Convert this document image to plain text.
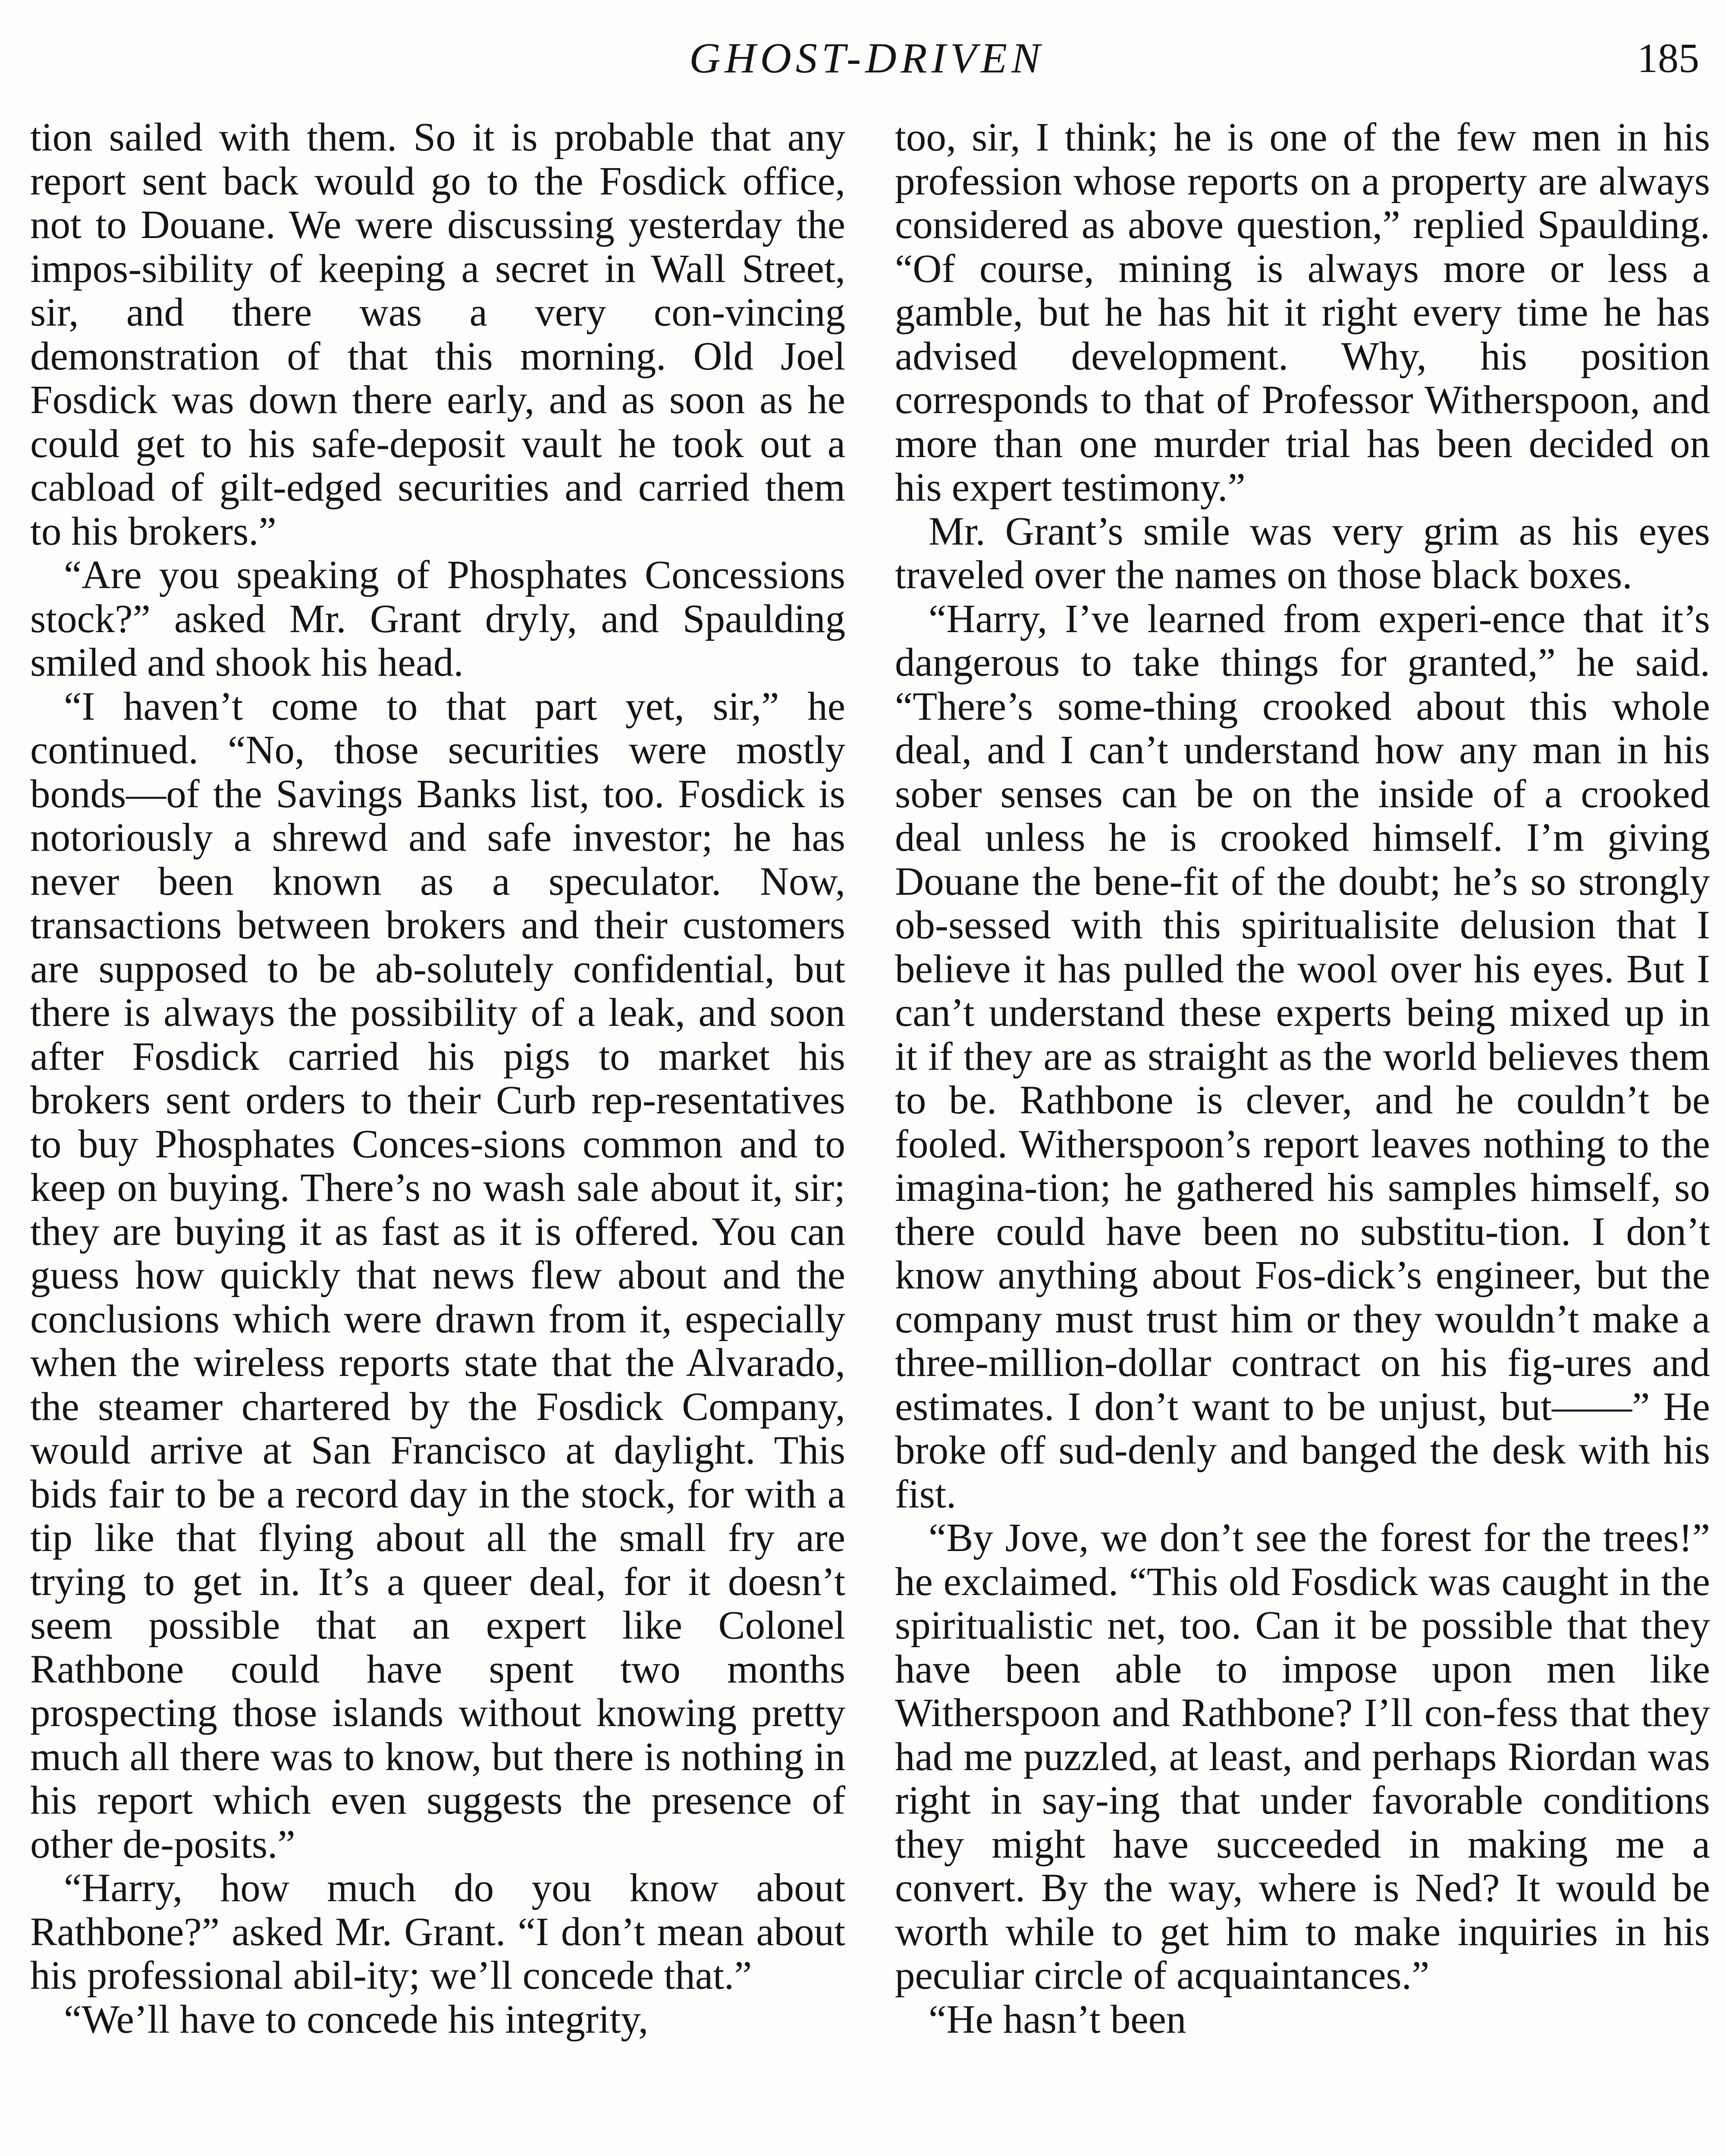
GHOST-DRIVEN	185

tion sailed with them. So it is probable that any report sent back would go to the Fosdick office, not to Douane. We were discussing yesterday the impos-sibility of keeping a secret in Wall Street, sir, and there was a very con-vincing demonstration of that this morning. Old Joel Fosdick was down there early, and as soon as he could get to his safe-deposit vault he took out a cabload of gilt-edged securities and carried them to his brokers.”

“Are you speaking of Phosphates Concessions stock?” asked Mr. Grant dryly, and Spaulding smiled and shook his head.

“I haven’t come to that part yet, sir,” he continued. “No, those securities were mostly bonds—of the Savings Banks list, too. Fosdick is notoriously a shrewd and safe investor; he has never been known as a speculator. Now, transactions between brokers and their customers are supposed to be ab-solutely confidential, but there is always the possibility of a leak, and soon after Fosdick carried his pigs to market his brokers sent orders to their Curb rep-resentatives to buy Phosphates Conces-sions common and to keep on buying. There’s no wash sale about it, sir; they are buying it as fast as it is offered. You can guess how quickly that news flew about and the conclusions which were drawn from it, especially when the wireless reports state that the Alvarado, the steamer chartered by the Fosdick Company, would arrive at San Francisco at daylight. This bids fair to be a record day in the stock, for with a tip like that flying about all the small fry are trying to get in. It’s a queer deal, for it doesn’t seem possible that an expert like Colonel Rathbone could have spent two months prospecting those islands without knowing pretty much all there was to know, but there is nothing in his report which even suggests the presence of other de-posits.”

“Harry, how much do you know about Rathbone?” asked Mr. Grant. “I don’t mean about his professional abil-ity; we’ll concede that.”

“We’ll have to concede his integrity,

too, sir, I think; he is one of the few men in his profession whose reports on a property are always considered as above question,” replied Spaulding. “Of course, mining is always more or less a gamble, but he has hit it right every time he has advised development. Why, his position corresponds to that of Professor Witherspoon, and more than one murder trial has been decided on his expert testimony.”

Mr. Grant’s smile was very grim as his eyes traveled over the names on those black boxes.

“Harry, I’ve learned from experi-ence that it’s dangerous to take things for granted,” he said. “There’s some-thing crooked about this whole deal, and I can’t understand how any man in his sober senses can be on the inside of a crooked deal unless he is crooked himself. I’m giving Douane the bene-fit of the doubt; he’s so strongly ob-sessed with this spiritualisite delusion that I believe it has pulled the wool over his eyes. But I can’t understand these experts being mixed up in it if they are as straight as the world believes them to be. Rathbone is clever, and he couldn’t be fooled. Witherspoon’s report leaves nothing to the imagina-tion; he gathered his samples himself, so there could have been no substitu-tion. I don’t know anything about Fos-dick’s engineer, but the company must trust him or they wouldn’t make a three-million-dollar contract on his fig-ures and estimates. I don’t want to be unjust, but——” He broke off sud-denly and banged the desk with his fist.

“By Jove, we don’t see the forest for the trees!” he exclaimed. “This old Fosdick was caught in the spiritualistic net, too. Can it be possible that they have been able to impose upon men like Witherspoon and Rathbone? I’ll con-fess that they had me puzzled, at least, and perhaps Riordan was right in say-ing that under favorable conditions they might have succeeded in making me a convert. By the way, where is Ned? It would be worth while to get him to make inquiries in his peculiar circle of acquaintances.”

“He hasn’t been
